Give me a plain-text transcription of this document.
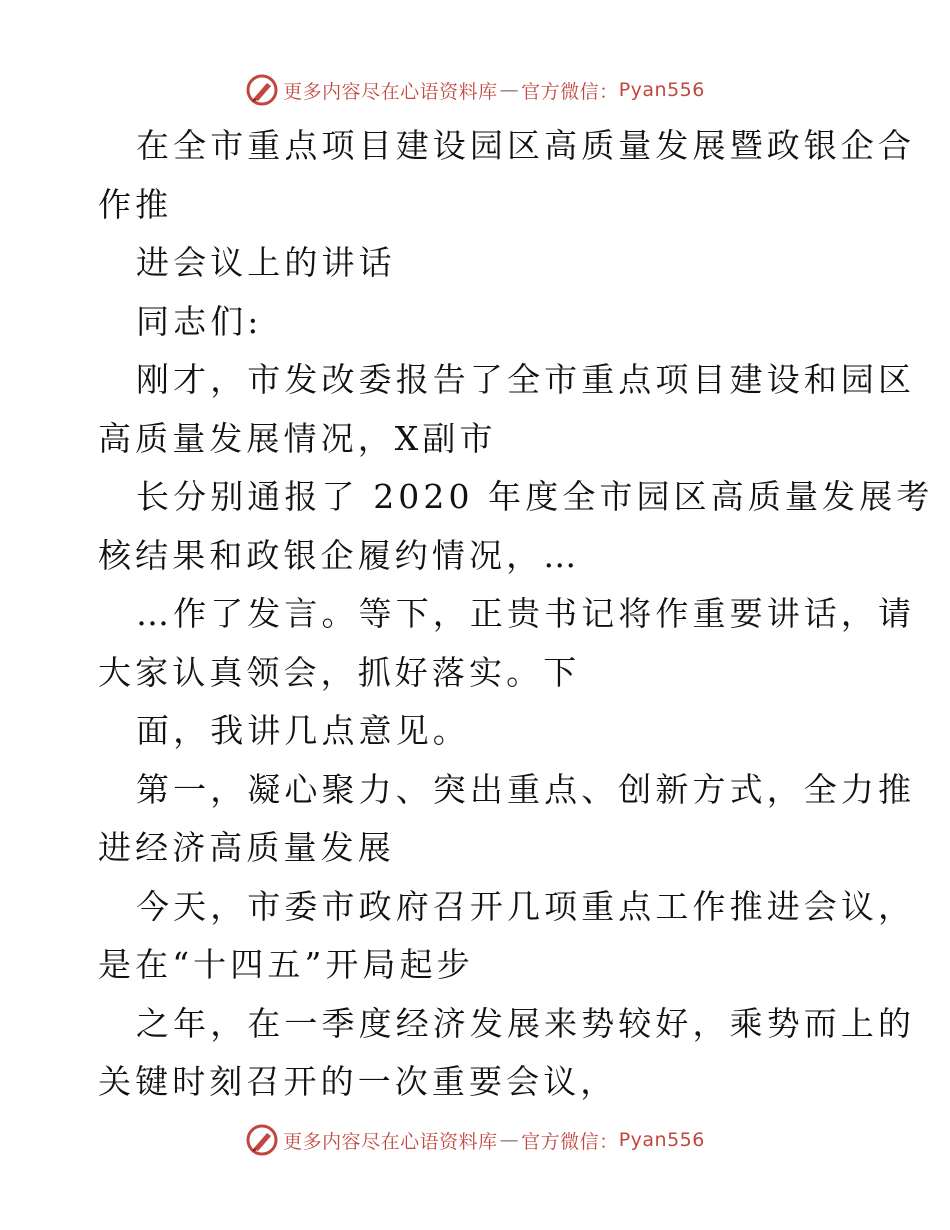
更多内容尽在心语资料库 — 官方微信： Pyan556
在全市重点项目建设园区高质量发展暨政银企合
作推
进会议上的讲话
同志们:
刚才，市发改委报告了全市重点项目建设和园区
高质量发展情况，X副市
长分别通报了 2020 年度全市园区高质量发展考
核结果和政银企履约情况，…
…作了发言。等下，正贵书记将作重要讲话，请
大家认真领会，抓好落实。下
面，我讲几点意见。
第一，凝心聚力、突出重点、创新方式，全力推
进经济高质量发展
今天，市委市政府召开几项重点工作推进会议，
是在“十四五”开局起步
之年，在一季度经济发展来势较好，乘势而上的
关键时刻召开的一次重要会议，
更多内容尽在心语资料库 — 官方微信： Pyan556
